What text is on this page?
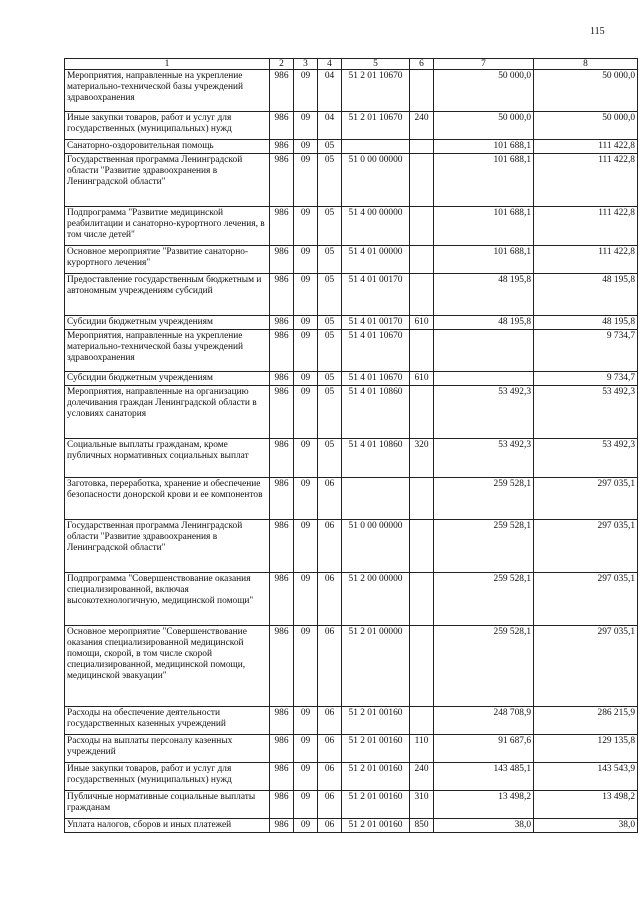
115
1	2	3	4	5	6	7	8
Мероприятия, направленные на укрепление материально-технической базы учреждений здравоохранения	986	09	04	51 2 01 10670		50 000,0	50 000,0
Иные закупки товаров, работ и услуг для государственных (муниципальных) нужд	986	09	04	51 2 01 10670	240	50 000,0	50 000,0
Санаторно-оздоровительная помощь	986	09	05			101 688,1	111 422,8
Государственная программа Ленинградской области "Развитие здравоохранения в Ленинградской области"	986	09	05	51 0 00 00000		101 688,1	111 422,8
Подпрограмма "Развитие медицинской реабилитации и санаторно-курортного лечения, в том числе детей"	986	09	05	51 4 00 00000		101 688,1	111 422,8
Основное мероприятие "Развитие санаторно-курортного лечения"	986	09	05	51 4 01 00000		101 688,1	111 422,8
Предоставление государственным бюджетным и автономным учреждениям субсидий	986	09	05	51 4 01 00170		48 195,8	48 195,8
Субсидии бюджетным учреждениям	986	09	05	51 4 01 00170	610	48 195,8	48 195,8
Мероприятия, направленные на укрепление материально-технической базы учреждений здравоохранения	986	09	05	51 4 01 10670			9 734,7
Субсидии бюджетным учреждениям	986	09	05	51 4 01 10670	610		9 734,7
Мероприятия, направленные на организацию долечивания граждан Ленинградской области в условиях санатория	986	09	05	51 4 01 10860		53 492,3	53 492,3
Социальные выплаты гражданам, кроме публичных нормативных социальных выплат	986	09	05	51 4 01 10860	320	53 492,3	53 492,3
Заготовка, переработка, хранение и обеспечение безопасности донорской крови и ее компонентов	986	09	06			259 528,1	297 035,1
Государственная программа Ленинградской области "Развитие здравоохранения в Ленинградской области"	986	09	06	51 0 00 00000		259 528,1	297 035,1
Подпрограмма "Совершенствование оказания специализированной, включая высокотехнологичную, медицинской помощи"	986	09	06	51 2 00 00000		259 528,1	297 035,1
Основное мероприятие "Совершенствование оказания специализированной медицинской помощи, скорой, в том числе скорой специализированной, медицинской помощи, медицинской эвакуации"	986	09	06	51 2 01 00000		259 528,1	297 035,1
Расходы на обеспечение деятельности государственных казенных учреждений	986	09	06	51 2 01 00160		248 708,9	286 215,9
Расходы на выплаты персоналу казенных учреждений	986	09	06	51 2 01 00160	110	91 687,6	129 135,8
Иные закупки товаров, работ и услуг для государственных (муниципальных) нужд	986	09	06	51 2 01 00160	240	143 485,1	143 543,9
Публичные нормативные социальные выплаты гражданам	986	09	06	51 2 01 00160	310	13 498,2	13 498,2
Уплата налогов, сборов и иных платежей	986	09	06	51 2 01 00160	850	38,0	38,0
